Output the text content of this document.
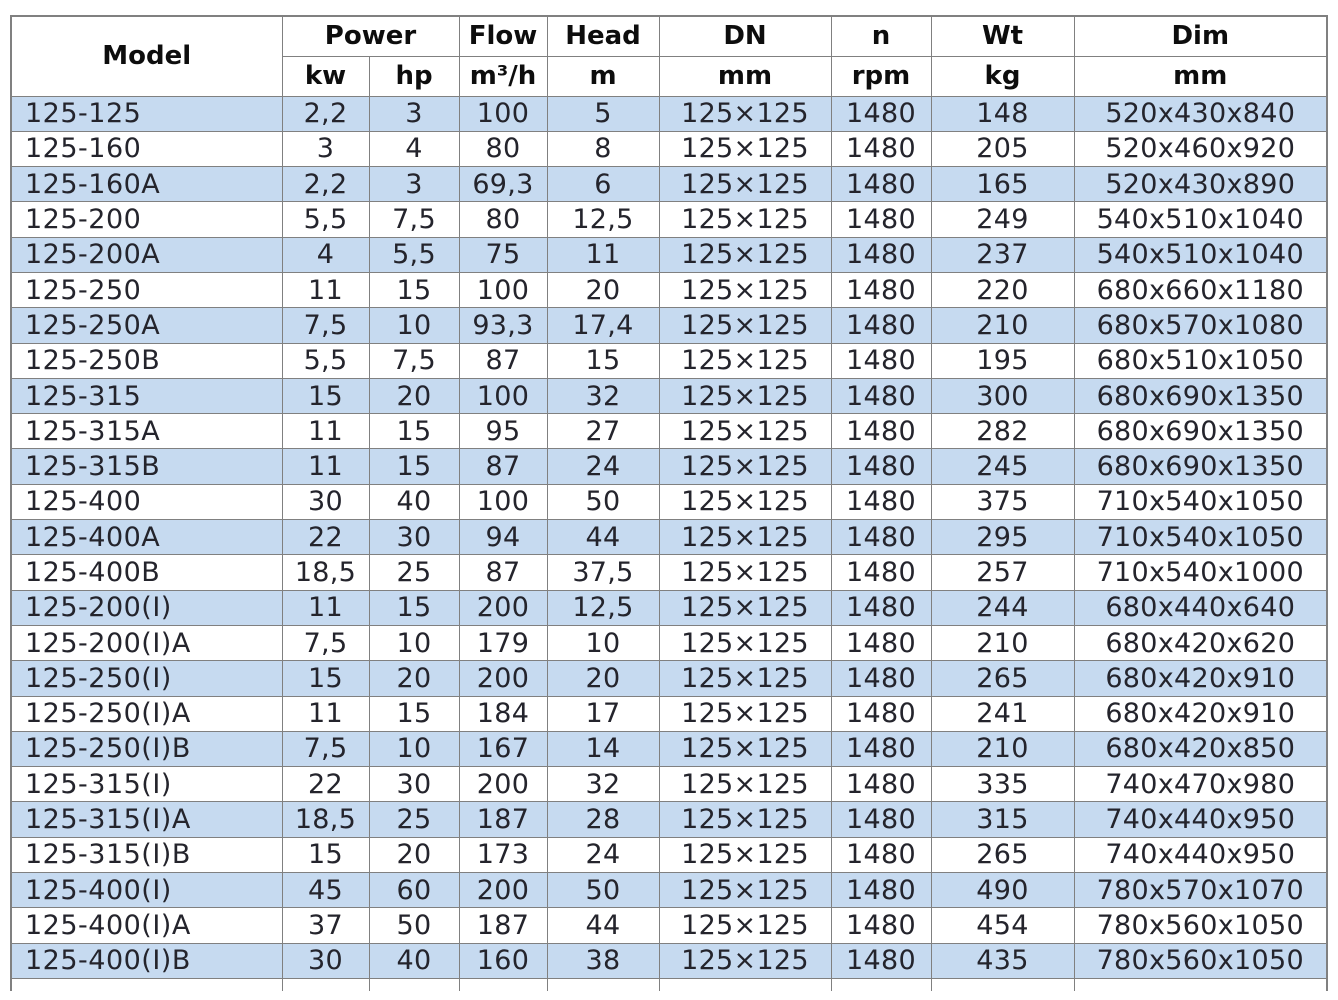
Model	Power		Flow	Head	DN	n	Wt	Dim
	kw	hp	m³/h	m	mm	rpm	kg	mm
125-125	2,2	3	100	5	125×125	1480	148	520x430x840
125-160	3	4	80	8	125×125	1480	205	520x460x920
125-160A	2,2	3	69,3	6	125×125	1480	165	520x430x890
125-200	5,5	7,5	80	12,5	125×125	1480	249	540x510x1040
125-200A	4	5,5	75	11	125×125	1480	237	540x510x1040
125-250	11	15	100	20	125×125	1480	220	680x660x1180
125-250A	7,5	10	93,3	17,4	125×125	1480	210	680x570x1080
125-250B	5,5	7,5	87	15	125×125	1480	195	680x510x1050
125-315	15	20	100	32	125×125	1480	300	680x690x1350
125-315A	11	15	95	27	125×125	1480	282	680x690x1350
125-315B	11	15	87	24	125×125	1480	245	680x690x1350
125-400	30	40	100	50	125×125	1480	375	710x540x1050
125-400A	22	30	94	44	125×125	1480	295	710x540x1050
125-400B	18,5	25	87	37,5	125×125	1480	257	710x540x1000
125-200(I)	11	15	200	12,5	125×125	1480	244	680x440x640
125-200(I)A	7,5	10	179	10	125×125	1480	210	680x420x620
125-250(I)	15	20	200	20	125×125	1480	265	680x420x910
125-250(I)A	11	15	184	17	125×125	1480	241	680x420x910
125-250(I)B	7,5	10	167	14	125×125	1480	210	680x420x850
125-315(I)	22	30	200	32	125×125	1480	335	740x470x980
125-315(I)A	18,5	25	187	28	125×125	1480	315	740x440x950
125-315(I)B	15	20	173	24	125×125	1480	265	740x440x950
125-400(I)	45	60	200	50	125×125	1480	490	780x570x1070
125-400(I)A	37	50	187	44	125×125	1480	454	780x560x1050
125-400(I)B	30	40	160	38	125×125	1480	435	780x560x1050
